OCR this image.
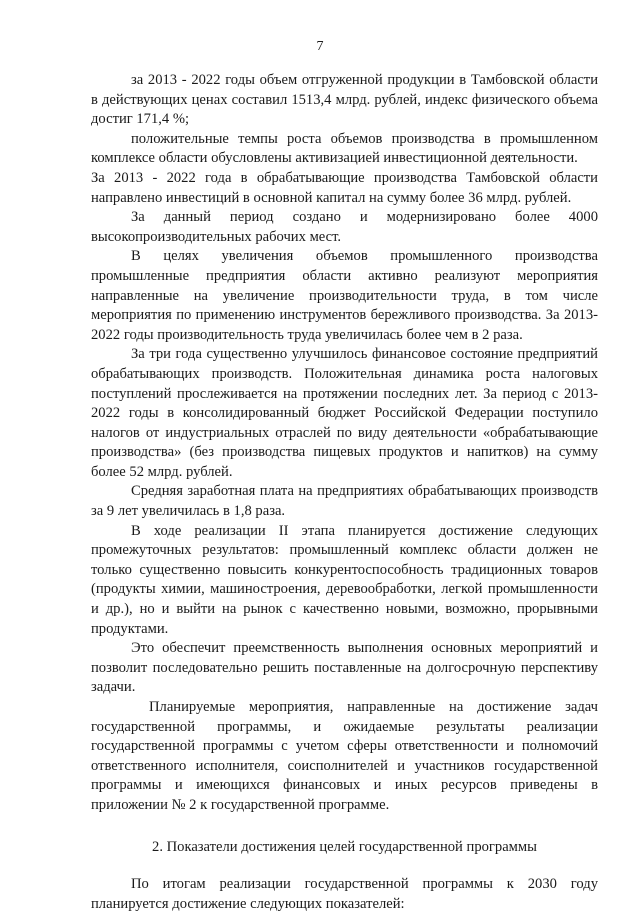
7

за 2013 - 2022 годы объем отгруженной продукции в Тамбовской области в действующих ценах составил 1513,4 млрд. рублей, индекс физического объема достиг 171,4 %;

положительные темпы роста объемов производства в промышленном комплексе области обусловлены активизацией инвестиционной деятельности.

За 2013 - 2022 года в обрабатывающие производства Тамбовской области направлено инвестиций в основной капитал на сумму более 36 млрд. рублей.

За данный период создано и модернизировано более 4000 высокопроизводительных рабочих мест.

В целях увеличения объемов промышленного производства промышленные предприятия области активно реализуют мероприятия направленные на увеличение производительности труда, в том числе мероприятия по применению инструментов бережливого производства. За 2013-2022 годы производительность труда увеличилась более чем в 2 раза.

За три года существенно улучшилось финансовое состояние предприятий обрабатывающих производств. Положительная динамика роста налоговых поступлений прослеживается на протяжении последних лет. За период с 2013-2022 годы в консолидированный бюджет Российской Федерации поступило налогов от индустриальных отраслей по виду деятельности «обрабатывающие производства» (без производства пищевых продуктов и напитков) на сумму более 52 млрд. рублей.

Средняя заработная плата на предприятиях обрабатывающих производств за 9 лет увеличилась в 1,8 раза.

В ходе реализации II этапа планируется достижение следующих промежуточных результатов: промышленный комплекс области должен не только существенно повысить конкурентоспособность традиционных товаров (продукты химии, машиностроения, деревообработки, легкой промышленности и др.), но и выйти на рынок с качественно новыми, возможно, прорывными продуктами.

Это обеспечит преемственность выполнения основных мероприятий и позволит последовательно решить поставленные на долгосрочную перспективу задачи.

Планируемые мероприятия, направленные на достижение задач государственной программы, и ожидаемые результаты реализации государственной программы с учетом сферы ответственности и полномочий ответственного исполнителя, соисполнителей и участников государственной программы и имеющихся финансовых и иных ресурсов приведены в приложении № 2 к государственной программе.

2. Показатели достижения целей государственной программы

По итогам реализации государственной программы к 2030 году планируется достижение следующих показателей:
